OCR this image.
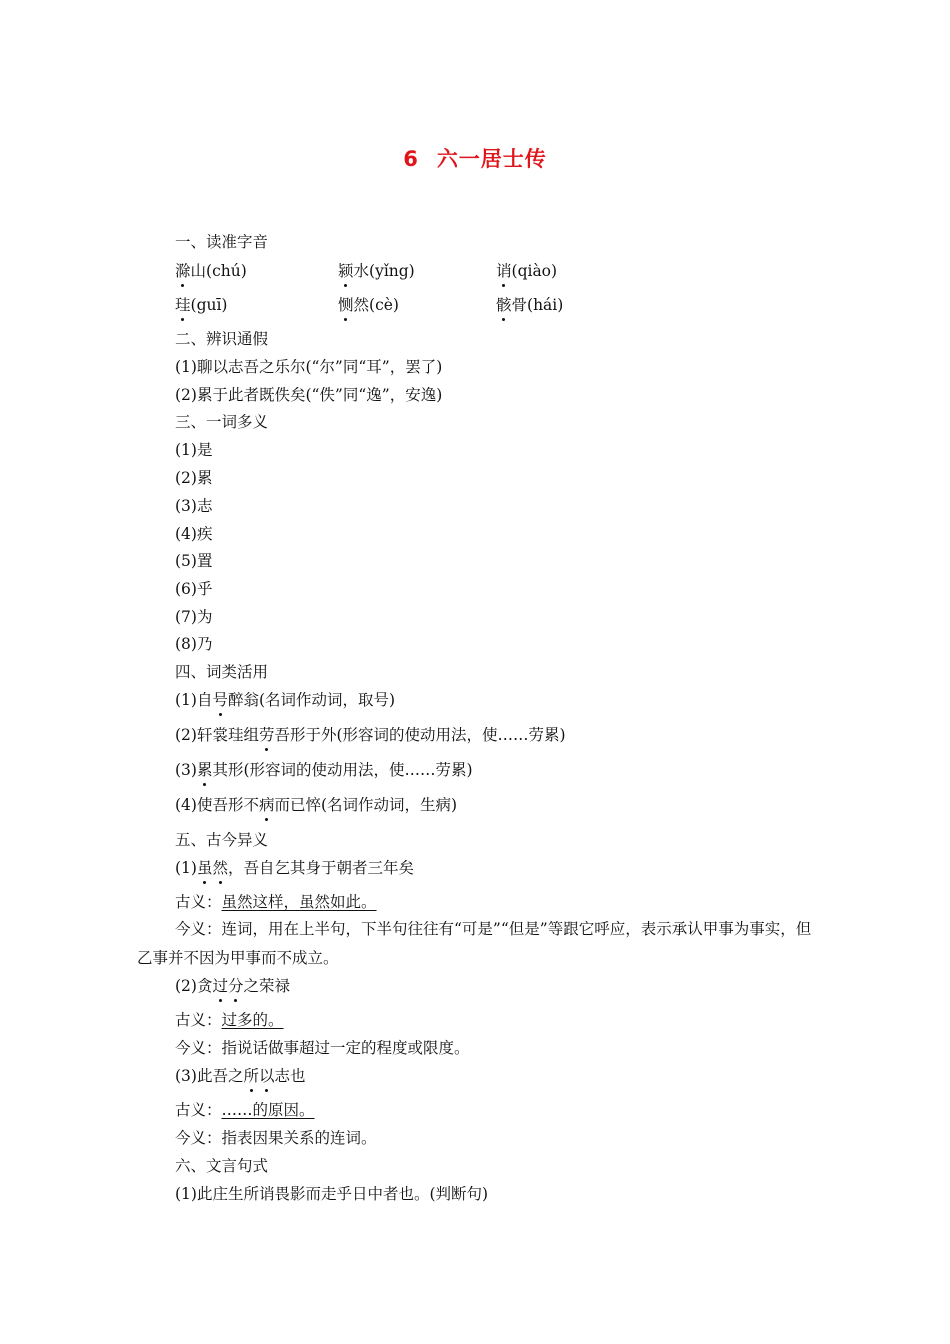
6 六一居士传
一、读准字音
滁山(chú)	颍水(yǐng)	诮(qiào)
珪(guī)	恻然(cè)	骸骨(hái)
二、辨识通假
(1)聊以志吾之乐尔(“尔”同“耳”，罢了)
(2)累于此者既佚矣(“佚”同“逸”，安逸)
三、一词多义
(1)是
(2)累
(3)志
(4)疾
(5)置
(6)乎
(7)为
(8)乃
四、词类活用
(1)自号醉翁(名词作动词，取号)
(2)轩裳珪组劳吾形于外(形容词的使动用法，使……劳累)
(3)累其形(形容词的使动用法，使……劳累)
(4)使吾形不病而已悴(名词作动词，生病)
五、古今异义
(1)虽然，吾自乞其身于朝者三年矣
古义：虽然这样，虽然如此。
今义：连词，用在上半句，下半句往往有“可是”“但是”等跟它呼应，表示承认甲事为事实，但乙事并不因为甲事而不成立。
(2)贪过分之荣禄
古义：过多的。
今义：指说话做事超过一定的程度或限度。
(3)此吾之所以志也
古义：……的原因。
今义：指表因果关系的连词。
六、文言句式
(1)此庄生所诮畏影而走乎日中者也。(判断句)
